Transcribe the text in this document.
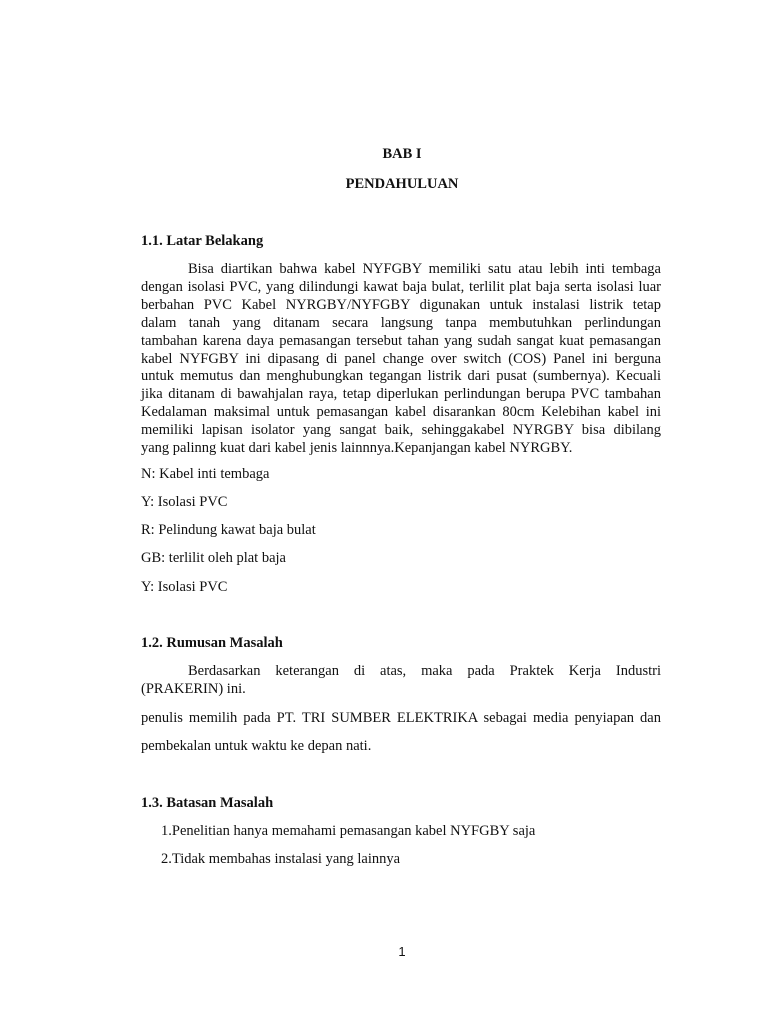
BAB I
PENDAHULUAN
1.1. Latar Belakang
Bisa diartikan bahwa kabel NYFGBY memiliki satu atau lebih inti tembaga
dengan isolasi PVC, yang dilindungi kawat baja bulat, terlilit plat baja serta isolasi luar
berbahan PVC Kabel NYRGBY/NYFGBY digunakan untuk instalasi listrik tetap
dalam tanah yang ditanam secara langsung tanpa membutuhkan perlindungan
tambahan karena daya pemasangan tersebut tahan yang sudah sangat kuat pemasangan
kabel NYFGBY ini dipasang di panel change over switch (COS) Panel ini berguna
untuk memutus dan menghubungkan tegangan listrik dari pusat (sumbernya). Kecuali
jika ditanam di bawahjalan raya, tetap diperlukan perlindungan berupa PVC tambahan
Kedalaman maksimal untuk pemasangan kabel disarankan 80cm Kelebihan kabel ini
memiliki lapisan isolator yang sangat baik, sehinggakabel NYRGBY bisa dibilang
yang palinng kuat dari kabel jenis lainnnya.Kepanjangan kabel NYRGBY.
N: Kabel inti tembaga
Y: Isolasi PVC
R: Pelindung kawat baja bulat
GB: terlilit oleh plat baja
Y: Isolasi PVC
1.2. Rumusan Masalah
Berdasarkan keterangan di atas, maka pada Praktek Kerja Industri
(PRAKERIN) ini.
penulis memilih pada PT. TRI SUMBER ELEKTRIKA sebagai media penyiapan dan
pembekalan untuk waktu ke depan nati.
1.3. Batasan Masalah
1.Penelitian hanya memahami pemasangan kabel NYFGBY saja
2.Tidak membahas instalasi yang lainnya
1
